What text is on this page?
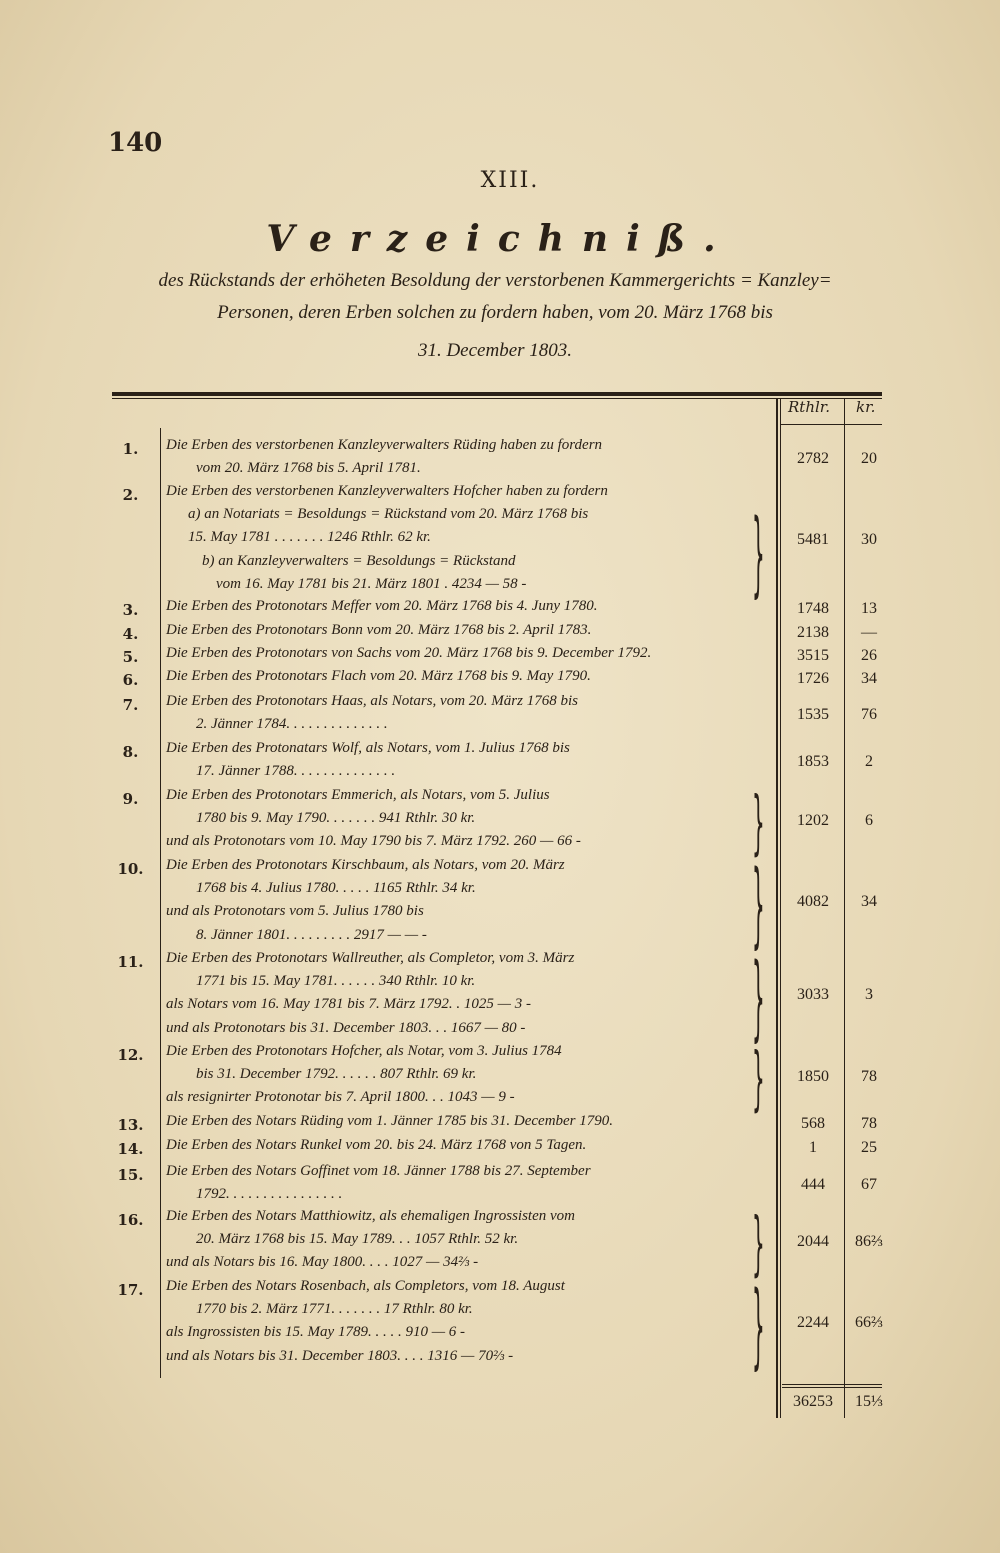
140
XIII.
Verzeichniß.
des Rückstands der erhöheten Besoldung der verstorbenen Kammergerichts = Kanzley=
Personen, deren Erben solchen zu fordern haben, vom 20. März 1768 bis
31. December 1803.
Rthlr. kr.
1.	Die Erben des verstorbenen Kanzleyverwalters Rüding haben zu fordern
vom 20. März 1768 bis 5. April 1781.
2782	20
2.	Die Erben des verstorbenen Kanzleyverwalters Hofcher haben zu fordern
a) an Notariats = Besoldungs = Rückstand vom 20. März 1768 bis
15. May 1781 . . . . . . . 1246 Rthlr. 62 kr.
b) an Kanzleyverwalters = Besoldungs = Rückstand
vom 16. May 1781 bis 21. März 1801 . 4234 — 58 -
5481	30
}
3.	Die Erben des Protonotars Meffer vom 20. März 1768 bis 4. Juny 1780.	1748	13
4.	Die Erben des Protonotars Bonn vom 20. März 1768 bis 2. April 1783.	2138	—
5.	Die Erben des Protonotars von Sachs vom 20. März 1768 bis 9. December 1792.	3515	26
6.	Die Erben des Protonotars Flach vom 20. März 1768 bis 9. May 1790.	1726	34
7.	Die Erben des Protonotars Haas, als Notars, vom 20. März 1768 bis
2. Jänner 1784. . . . . . . . . . . . . .
1535	76
8.	Die Erben des Protonatars Wolf, als Notars, vom 1. Julius 1768 bis
17. Jänner 1788. . . . . . . . . . . . . .
1853	2
9.	Die Erben des Protonotars Emmerich, als Notars, vom 5. Julius
1780 bis 9. May 1790. . . . . . . 941 Rthlr. 30 kr.
und als Protonotars vom 10. May 1790 bis 7. März 1792. 260 — 66 -
1202	6
}
10.	Die Erben des Protonotars Kirschbaum, als Notars, vom 20. März
1768 bis 4. Julius 1780. . . . . 1165 Rthlr. 34 kr.
und als Protonotars vom 5. Julius 1780 bis
8. Jänner 1801. . . . . . . . . 2917 — — -
4082	34
}
11.	Die Erben des Protonotars Wallreuther, als Completor, vom 3. März
1771 bis 15. May 1781. . . . . . 340 Rthlr. 10 kr.
als Notars vom 16. May 1781 bis 7. März 1792. . 1025 — 3 -
und als Protonotars bis 31. December 1803. . . 1667 — 80 -
3033	3
}
12.	Die Erben des Protonotars Hofcher, als Notar, vom 3. Julius 1784
bis 31. December 1792. . . . . . 807 Rthlr. 69 kr.
als resignirter Protonotar bis 7. April 1800. . . 1043 — 9 -
1850	78
}
13.	Die Erben des Notars Rüding vom 1. Jänner 1785 bis 31. December 1790.	568	78
14.	Die Erben des Notars Runkel vom 20. bis 24. März 1768 von 5 Tagen.	1	25
15.	Die Erben des Notars Goffinet vom 18. Jänner 1788 bis 27. September
1792. . . . . . . . . . . . . . . .
444	67
16.	Die Erben des Notars Matthiowitz, als ehemaligen Ingrossisten vom
20. März 1768 bis 15. May 1789. . . 1057 Rthlr. 52 kr.
und als Notars bis 16. May 1800. . . . 1027 — 34⅔ -
2044	86⅔
}
17.	Die Erben des Notars Rosenbach, als Completors, vom 18. August
1770 bis 2. März 1771. . . . . . . 17 Rthlr. 80 kr.
als Ingrossisten bis 15. May 1789. . . . . 910 — 6 -
und als Notars bis 31. December 1803. . . . 1316 — 70⅔ -
2244	66⅔
}
36253	15⅓
